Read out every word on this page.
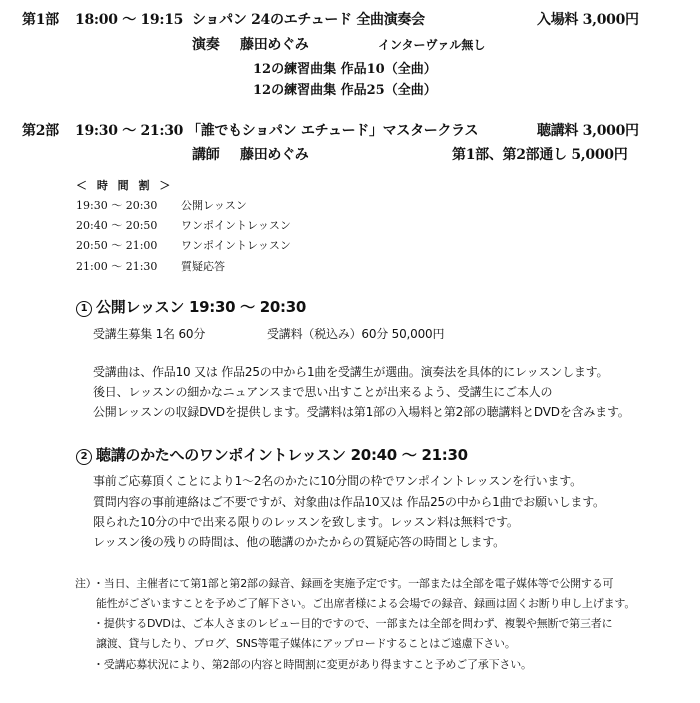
第1部 18:00 ～ 19:15 ショパン 24のエチュード 全曲演奏会	入場料 3,000円
演奏 藤田めぐみ	インターヴァル無し
12の練習曲集 作品10（全曲）
12の練習曲集 作品25（全曲）
第2部 19:30 ～ 21:30 「誰でもショパン エチュード」マスタークラス	聴講料 3,000円
講師 藤田めぐみ	第1部、第2部通し 5,000円
＜ 時 間 割 ＞
19:30 ～ 20:30 公開レッスン
20:40 ～ 20:50 ワンポイントレッスン
20:50 ～ 21:00 ワンポイントレッスン
21:00 ～ 21:30 質疑応答
1 公開レッスン 19:30 ～ 20:30
受講生募集 1名 60分	受講料（税込み）60分 50,000円
受講曲は、作品10 又は 作品25の中から1曲を受講生が選曲。演奏法を具体的にレッスンします。
後日、レッスンの細かなニュアンスまで思い出すことが出来るよう、受講生にご本人の
公開レッスンの収録DVDを提供します。受講料は第1部の入場料と第2部の聴講料とDVDを含みます。
2 聴講のかたへのワンポイントレッスン 20:40 ～ 21:30
事前ご応募頂くことにより1～2名のかたに10分間の枠でワンポイントレッスンを行います。
質問内容の事前連絡はご不要ですが、対象曲は作品10又は 作品25の中から1曲でお願いします。
限られた10分の中で出来る限りのレッスンを致します。レッスン料は無料です。
レッスン後の残りの時間は、他の聴講のかたからの質疑応答の時間とします。
注）
・当日、主催者にて第1部と第2部の録音、録画を実施予定です。一部または全部を電子媒体等で公開する可
能性がございますことを予めご了解下さい。ご出席者様による会場での録音、録画は固くお断り申し上げます。
・提供するDVDは、ご本人さまのレビュー目的ですので、一部または全部を問わず、複製や無断で第三者に
譲渡、貸与したり、ブログ、SNS等電子媒体にアップロードすることはご遠慮下さい。
・受講応募状況により、第2部の内容と時間割に変更があり得ますこと予めご了承下さい。
